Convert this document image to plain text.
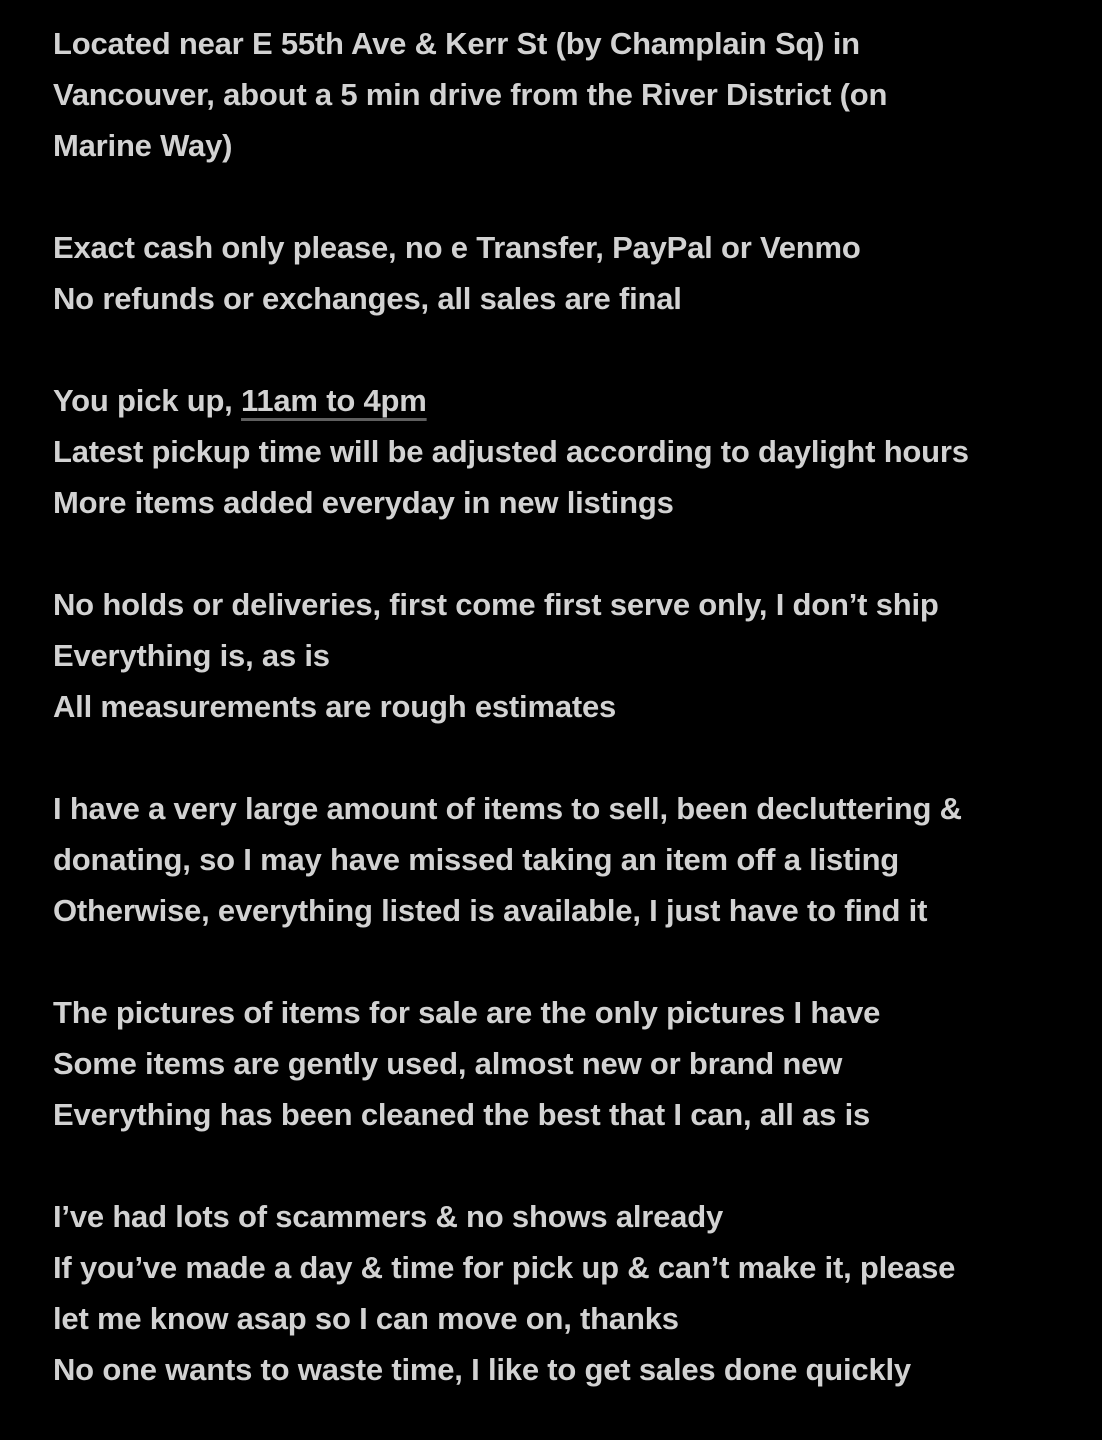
Located near E 55th Ave & Kerr St (by Champlain Sq) in
Vancouver, about a 5 min drive from the River District (on
Marine Way)
Exact cash only please, no e Transfer, PayPal or Venmo
No refunds or exchanges, all sales are final
You pick up, 11am to 4pm
Latest pickup time will be adjusted according to daylight hours
More items added everyday in new listings
No holds or deliveries, first come first serve only, I don’t ship
Everything is, as is
All measurements are rough estimates
I have a very large amount of items to sell, been decluttering &
donating, so I may have missed taking an item off a listing
Otherwise, everything listed is available, I just have to find it
The pictures of items for sale are the only pictures I have
Some items are gently used, almost new or brand new
Everything has been cleaned the best that I can, all as is
I’ve had lots of scammers & no shows already
If you’ve made a day & time for pick up & can’t make it, please
let me know asap so I can move on, thanks
No one wants to waste time, I like to get sales done quickly
